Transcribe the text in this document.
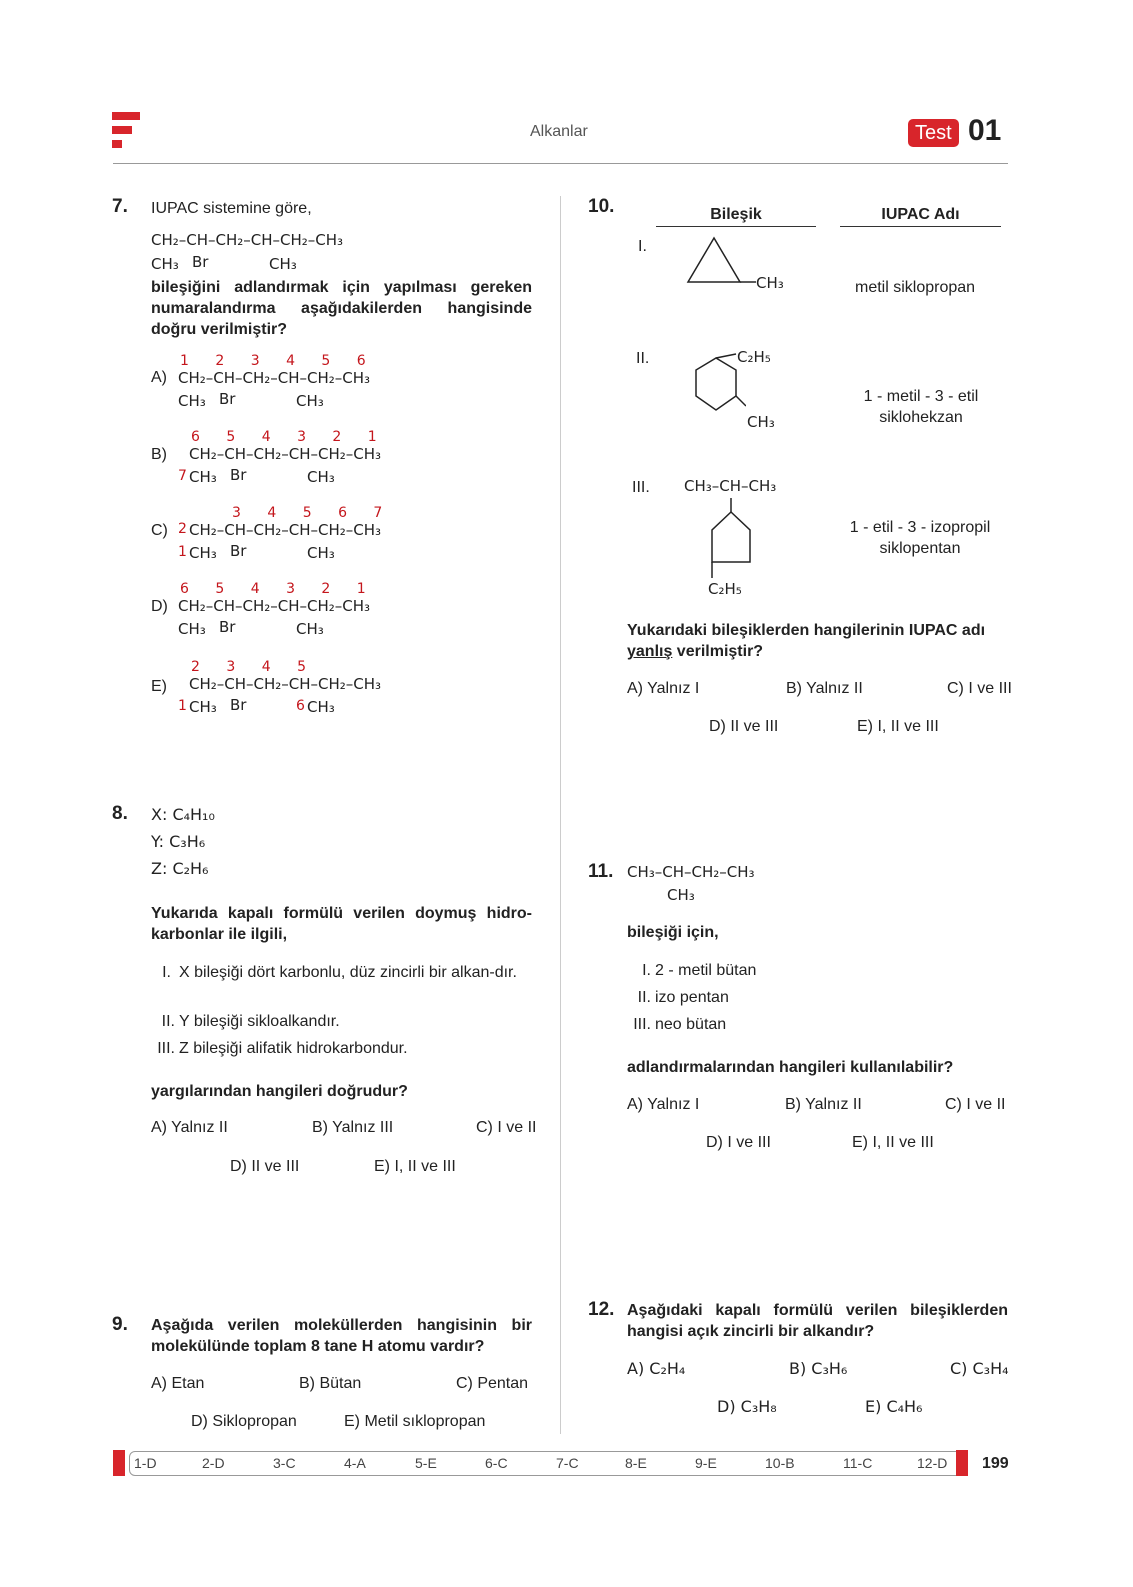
Alkanlar	Test 01
7. IUPAC sistemine göre,
CH₂–CH–CH₂–CH–CH₂–CH₃
CH₃ Br	CH₃
bileşiğini adlandırmak için yapılması gereken numaralandırma aşağıdakilerden hangisinde doğru verilmiştir?
A)
1 2 3 4 5 6
CH₂–CH–CH₂–CH–CH₂–CH₃
CH₃ Br	CH₃
B)
6 5 4 3 2 1
CH₂–CH–CH₂–CH–CH₂–CH₃
7 CH₃ Br	CH₃
C)
3 4 5 6 7
2 CH₂–CH–CH₂–CH–CH₂–CH₃
1 CH₃ Br	CH₃
D)
6 5 4 3 2 1
CH₂–CH–CH₂–CH–CH₂–CH₃
CH₃ Br	CH₃
E)
2 3 4 5
CH₂–CH–CH₂–CH–CH₂–CH₃
1 CH₃ Br	6 CH₃
8. X: C₄H₁₀
Y: C₃H₆
Z: C₂H₆
Yukarıda kapalı formülü verilen doymuş hidro-karbonlar ile ilgili,
I. X bileşiği dört karbonlu, düz zincirli bir alkan-dır.
II. Y bileşiği sikloalkandır.
III. Z bileşiği alifatik hidrokarbondur.
yargılarından hangileri doğrudur?
A) Yalnız II	B) Yalnız III	C) I ve II
D) II ve III	E) I, II ve III
9. Aşağıda verilen moleküllerden hangisinin bir molekülünde toplam 8 tane H atomu vardır?
A) Etan	B) Bütan	C) Pentan
D) Siklopropan	E) Metil sıklopropan
10.	Bileşik	IUPAC Adı
I.
CH₃	metil siklopropan
II.	C₂H₅
CH₃
1 - metil - 3 - etil
siklohekzan
III. CH₃–CH–CH₃
C₂H₅
1 - etil - 3 - izopropil
siklopentan
Yukarıdaki bileşiklerden hangilerinin IUPAC adı yanlış verilmiştir?
A) Yalnız I	B) Yalnız II	C) I ve III
D) II ve III	E) I, II ve III
11. CH₃–CH–CH₂–CH₃
CH₃
bileşiği için,
I. 2 - metil bütan
II. izo pentan
III. neo bütan
adlandırmalarından hangileri kullanılabilir?
A) Yalnız I	B) Yalnız II	C) I ve II
D) I ve III	E) I, II ve III
12. Aşağıdaki kapalı formülü verilen bileşiklerden hangisi açık zincirli bir alkandır?
A) C₂H₄	B) C₃H₆	C) C₃H₄
D) C₃H₈	E) C₄H₆
1-D	2-D	3-C	4-A	5-E	6-C	7-C	8-E	9-E	10-B	11-C	12-D 199
